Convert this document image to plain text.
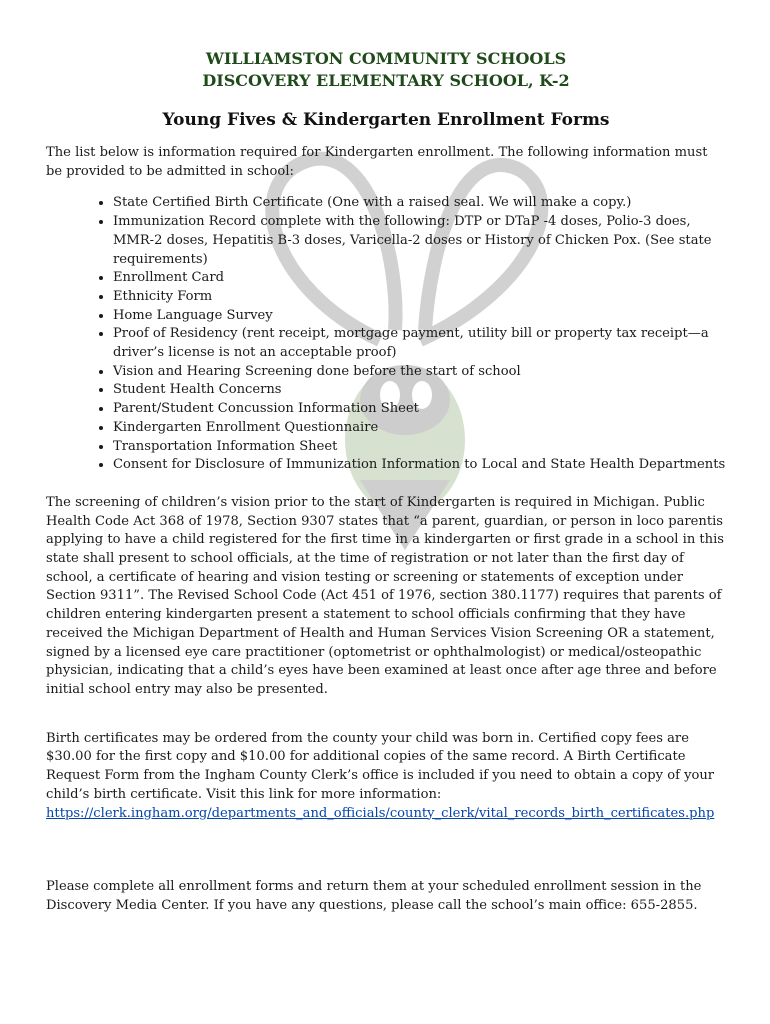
WILLIAMSTON COMMUNITY SCHOOLS
DISCOVERY ELEMENTARY SCHOOL, K-2
Young Fives & Kindergarten Enrollment Forms

The list below is information required for Kindergarten enrollment. The following information must be provided to be admitted in school:

• State Certified Birth Certificate (One with a raised seal. We will make a copy.)
• Immunization Record complete with the following: DTP or DTaP -4 doses, Polio-3 does, MMR-2 doses, Hepatitis B-3 doses, Varicella-2 doses or History of Chicken Pox. (See state requirements)
• Enrollment Card
• Ethnicity Form
• Home Language Survey
• Proof of Residency (rent receipt, mortgage payment, utility bill or property tax receipt—a driver’s license is not an acceptable proof)
• Vision and Hearing Screening done before the start of school
• Student Health Concerns
• Parent/Student Concussion Information Sheet
• Kindergarten Enrollment Questionnaire
• Transportation Information Sheet
• Consent for Disclosure of Immunization Information to Local and State Health Departments

The screening of children’s vision prior to the start of Kindergarten is required in Michigan. Public Health Code Act 368 of 1978, Section 9307 states that “a parent, guardian, or person in loco parentis applying to have a child registered for the first time in a kindergarten or first grade in a school in this state shall present to school officials, at the time of registration or not later than the first day of school, a certificate of hearing and vision testing or screening or statements of exception under Section 9311”. The Revised School Code (Act 451 of 1976, section 380.1177) requires that parents of children entering kindergarten present a statement to school officials confirming that they have received the Michigan Department of Health and Human Services Vision Screening OR a statement, signed by a licensed eye care practitioner (optometrist or ophthalmologist) or medical/osteopathic physician, indicating that a child’s eyes have been examined at least once after age three and before initial school entry may also be presented.

Birth certificates may be ordered from the county your child was born in. Certified copy fees are $30.00 for the first copy and $10.00 for additional copies of the same record. A Birth Certificate Request Form from the Ingham County Clerk’s office is included if you need to obtain a copy of your child’s birth certificate. Visit this link for more information:
https://clerk.ingham.org/departments_and_officials/county_clerk/vital_records_birth_certificates.php

Please complete all enrollment forms and return them at your scheduled enrollment session in the Discovery Media Center. If you have any questions, please call the school’s main office: 655-2855.
